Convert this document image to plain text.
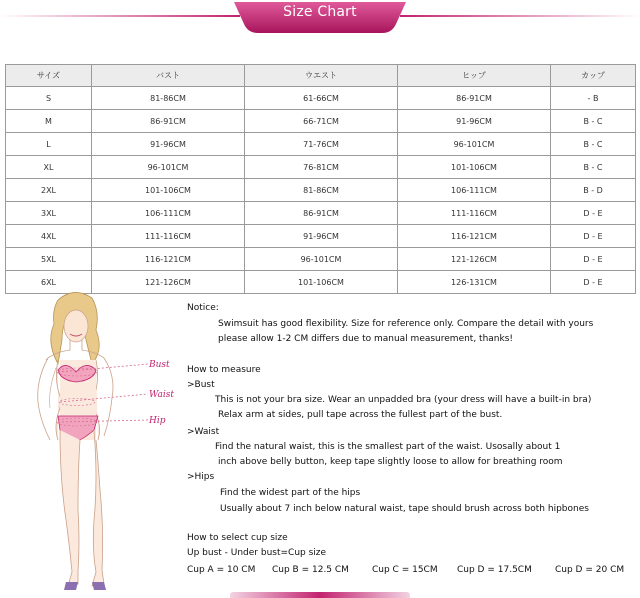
Size Chart
サイズ	バスト	ウエスト	ヒップ	カップ
S	81-86CM	61-66CM	86-91CM	- B
M	86-91CM	66-71CM	91-96CM	B - C
L	91-96CM	71-76CM	96-101CM	B - C
XL	96-101CM	76-81CM	101-106CM	B - C
2XL	101-106CM	81-86CM	106-111CM	B - D
3XL	106-111CM	86-91CM	111-116CM	D - E
4XL	111-116CM	91-96CM	116-121CM	D - E
5XL	116-121CM	96-101CM	121-126CM	D - E
6XL	121-126CM	101-106CM	126-131CM	D - E
Bust
Waist
Hip
Notice:
Swimsuit has good flexibility. Size for reference only. Compare the detail with yours
please allow 1-2 CM differs due to manual measurement, thanks!
How to measure
>Bust
This is not your bra size. Wear an unpadded bra (your dress will have a built-in bra)
Relax arm at sides, pull tape across the fullest part of the bust.
>Waist
Find the natural waist, this is the smallest part of the waist. Usosally about 1
inch above belly button, keep tape slightly loose to allow for breathing room
>Hips
Find the widest part of the hips
Usually about 7 inch below natural waist, tape should brush across both hipbones
How to select cup size
Up bust - Under bust=Cup size
Cup A = 10 CM Cup B = 12.5 CM	Cup C = 15CM Cup D = 17.5CM	Cup D = 20 CM
